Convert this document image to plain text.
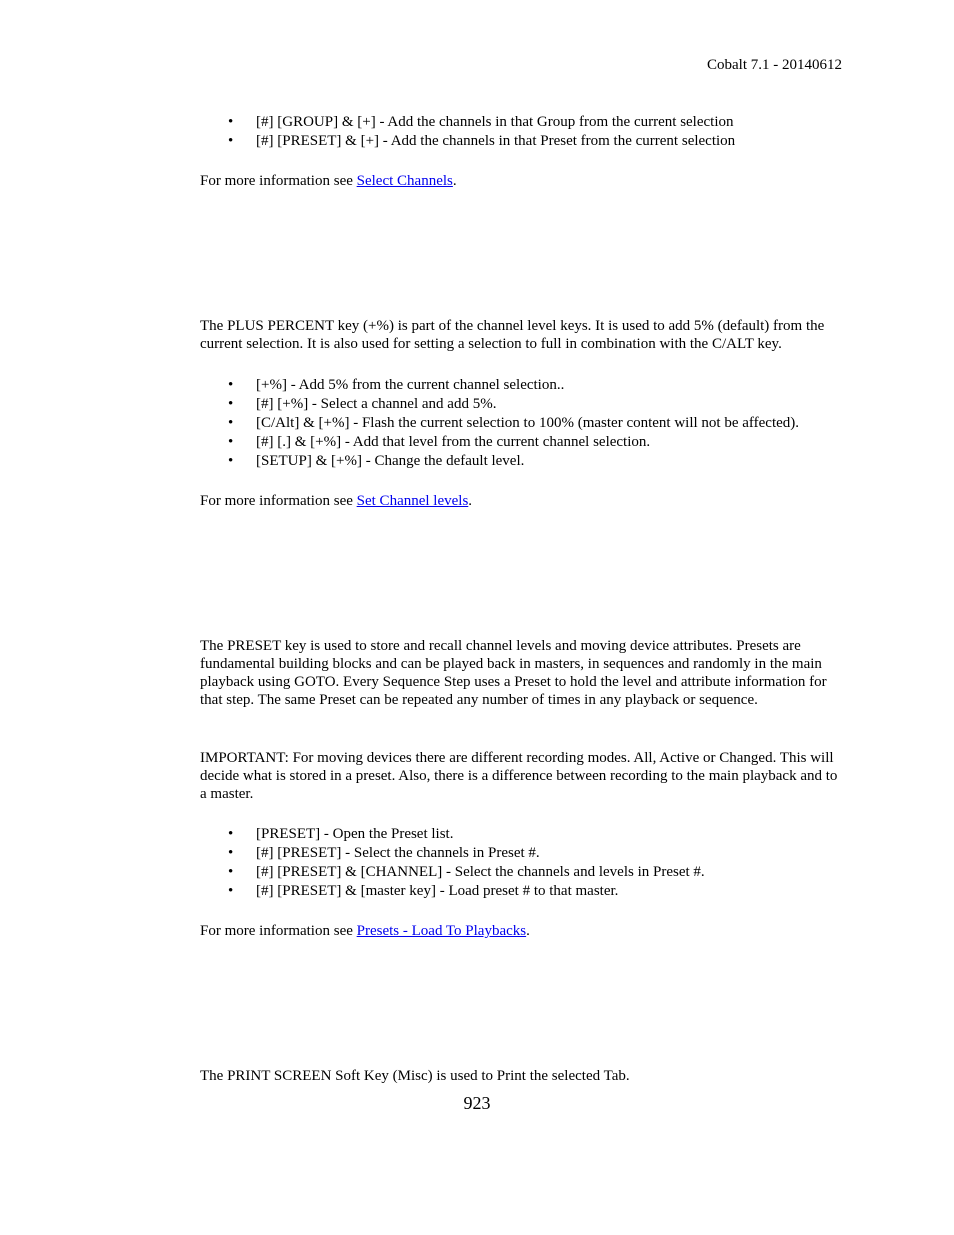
Cobalt 7.1 - 20140612
• [#] [GROUP] & [+] - Add the channels in that Group from the current selection
• [#] [PRESET] & [+] - Add the channels in that Preset from the current selection
For more information see Select Channels.

The PLUS PERCENT key (+%) is part of the channel level keys. It is used to add 5% (default) from the current selection. It is also used for setting a selection to full in combination with the C/ALT key.

• [+%] - Add 5% from the current channel selection..
• [#] [+%] - Select a channel and add 5%.
• [C/Alt] & [+%] - Flash the current selection to 100% (master content will not be affected).
• [#] [.] & [+%] - Add that level from the current channel selection.
• [SETUP] & [+%] - Change the default level.
For more information see Set Channel levels.

The PRESET key is used to store and recall channel levels and moving device attributes. Presets are fundamental building blocks and can be played back in masters, in sequences and randomly in the main playback using GOTO. Every Sequence Step uses a Preset to hold the level and attribute information for that step. The same Preset can be repeated any number of times in any playback or sequence.

IMPORTANT: For moving devices there are different recording modes. All, Active or Changed. This will decide what is stored in a preset. Also, there is a difference between recording to the main playback and to a master.

• [PRESET] - Open the Preset list.
• [#] [PRESET] - Select the channels in Preset #.
• [#] [PRESET] & [CHANNEL] - Select the channels and levels in Preset #.
• [#] [PRESET] & [master key] - Load preset # to that master.
For more information see Presets - Load To Playbacks.

The PRINT SCREEN Soft Key (Misc) is used to Print the selected Tab.

923
